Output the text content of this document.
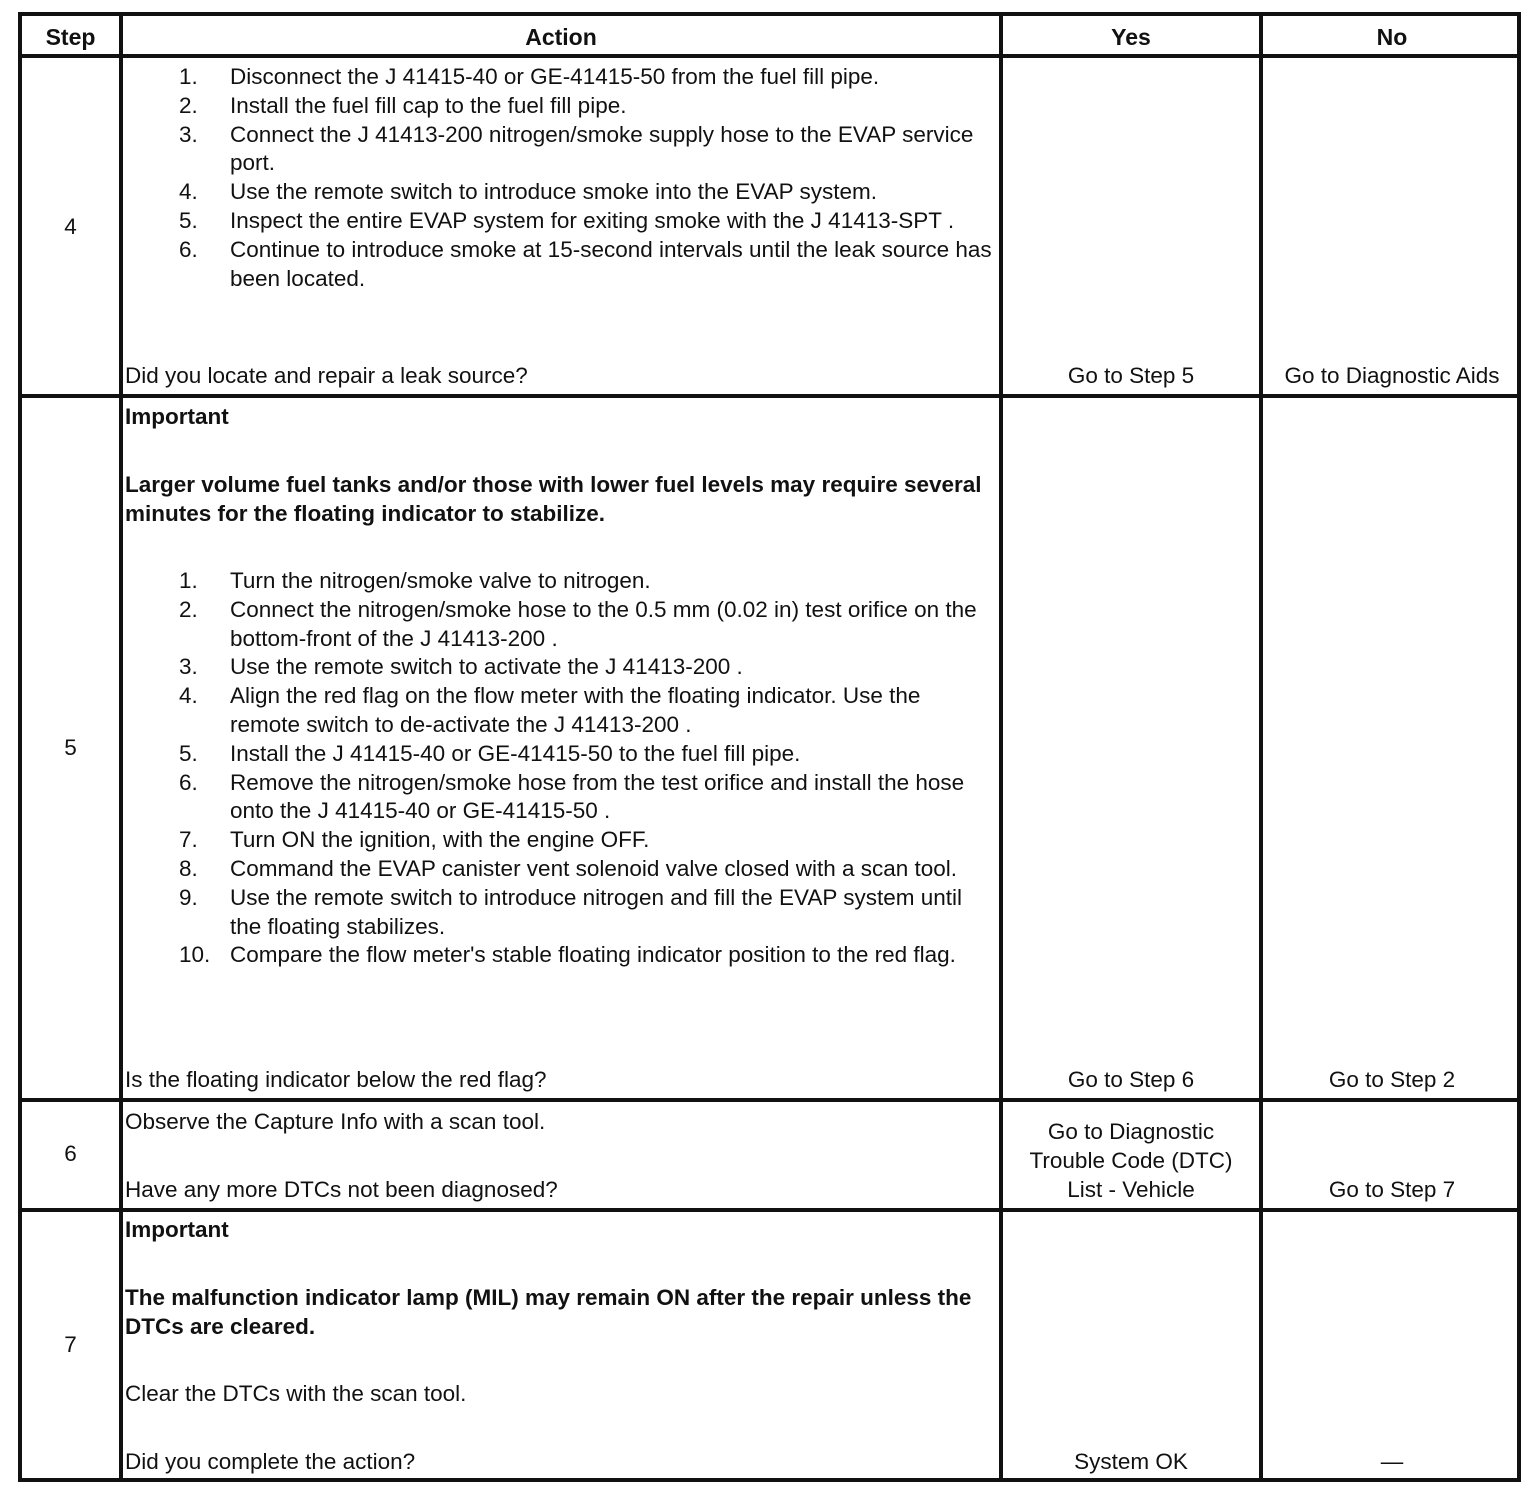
Step	Action	Yes	No
4
1. Disconnect the J 41415-40 or GE-41415-50 from the fuel fill pipe.
2. Install the fuel fill cap to the fuel fill pipe.
3. Connect the J 41413-200 nitrogen/smoke supply hose to the EVAP service port.
4. Use the remote switch to introduce smoke into the EVAP system.
5. Inspect the entire EVAP system for exiting smoke with the J 41413-SPT .
6. Continue to introduce smoke at 15-second intervals until the leak source has been located.
Did you locate and repair a leak source?	Go to Step 5	Go to Diagnostic Aids
5
Important
Larger volume fuel tanks and/or those with lower fuel levels may require several minutes for the floating indicator to stabilize.
1. Turn the nitrogen/smoke valve to nitrogen.
2. Connect the nitrogen/smoke hose to the 0.5 mm (0.02 in) test orifice on the bottom-front of the J 41413-200 .
3. Use the remote switch to activate the J 41413-200 .
4. Align the red flag on the flow meter with the floating indicator. Use the remote switch to de-activate the J 41413-200 .
5. Install the J 41415-40 or GE-41415-50 to the fuel fill pipe.
6. Remove the nitrogen/smoke hose from the test orifice and install the hose onto the J 41415-40 or GE-41415-50 .
7. Turn ON the ignition, with the engine OFF.
8. Command the EVAP canister vent solenoid valve closed with a scan tool.
9. Use the remote switch to introduce nitrogen and fill the EVAP system until the floating stabilizes.
10. Compare the flow meter's stable floating indicator position to the red flag.
Is the floating indicator below the red flag?	Go to Step 6	Go to Step 2
6
Observe the Capture Info with a scan tool.
Have any more DTCs not been diagnosed?
Go to Diagnostic Trouble Code (DTC) List - Vehicle	Go to Step 7
7
Important
The malfunction indicator lamp (MIL) may remain ON after the repair unless the DTCs are cleared.
Clear the DTCs with the scan tool.
Did you complete the action?	System OK	—
